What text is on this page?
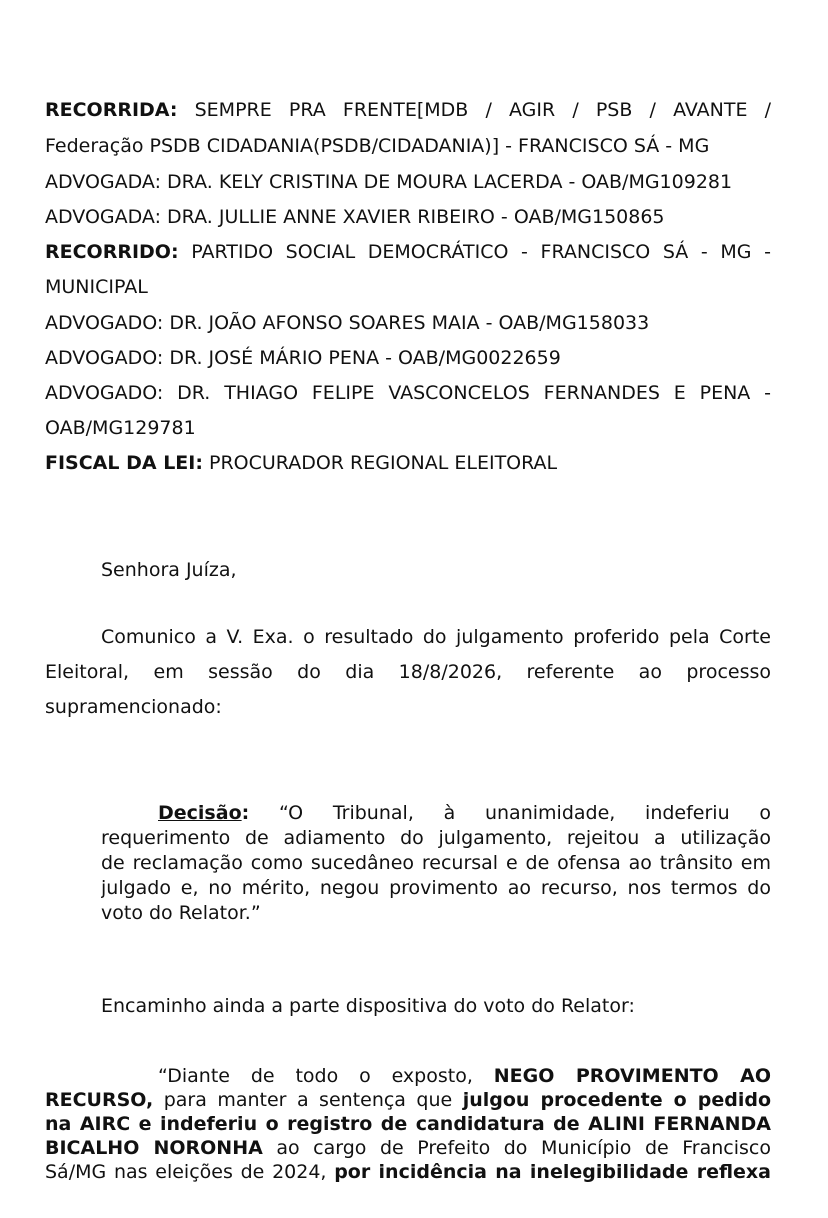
RECORRIDA: SEMPRE PRA FRENTE[MDB / AGIR / PSB / AVANTE /
Federação PSDB CIDADANIA(PSDB/CIDADANIA)] - FRANCISCO SÁ - MG
ADVOGADA: DRA. KELY CRISTINA DE MOURA LACERDA - OAB/MG109281
ADVOGADA: DRA. JULLIE ANNE XAVIER RIBEIRO - OAB/MG150865
RECORRIDO: PARTIDO SOCIAL DEMOCRÁTICO - FRANCISCO SÁ - MG -
MUNICIPAL
ADVOGADO: DR. JOÃO AFONSO SOARES MAIA - OAB/MG158033
ADVOGADO: DR. JOSÉ MÁRIO PENA - OAB/MG0022659
ADVOGADO: DR. THIAGO FELIPE VASCONCELOS FERNANDES E PENA -
OAB/MG129781
FISCAL DA LEI: PROCURADOR REGIONAL ELEITORAL
Senhora Juíza,
Comunico a V. Exa. o resultado do julgamento proferido pela Corte
Eleitoral, em sessão do dia 18/8/2026, referente ao processo
supramencionado:
Decisão: “O Tribunal, à unanimidade, indeferiu o
requerimento de adiamento do julgamento, rejeitou a utilização
de reclamação como sucedâneo recursal e de ofensa ao trânsito em
julgado e, no mérito, negou provimento ao recurso, nos termos do
voto do Relator.”
Encaminho ainda a parte dispositiva do voto do Relator:
“Diante de todo o exposto, NEGO PROVIMENTO AO
RECURSO, para manter a sentença que julgou procedente o pedido
na AIRC e indeferiu o registro de candidatura de ALINI FERNANDA
BICALHO NORONHA ao cargo de Prefeito do Município de Francisco
Sá/MG nas eleições de 2024, por incidência na inelegibilidade reflexa
